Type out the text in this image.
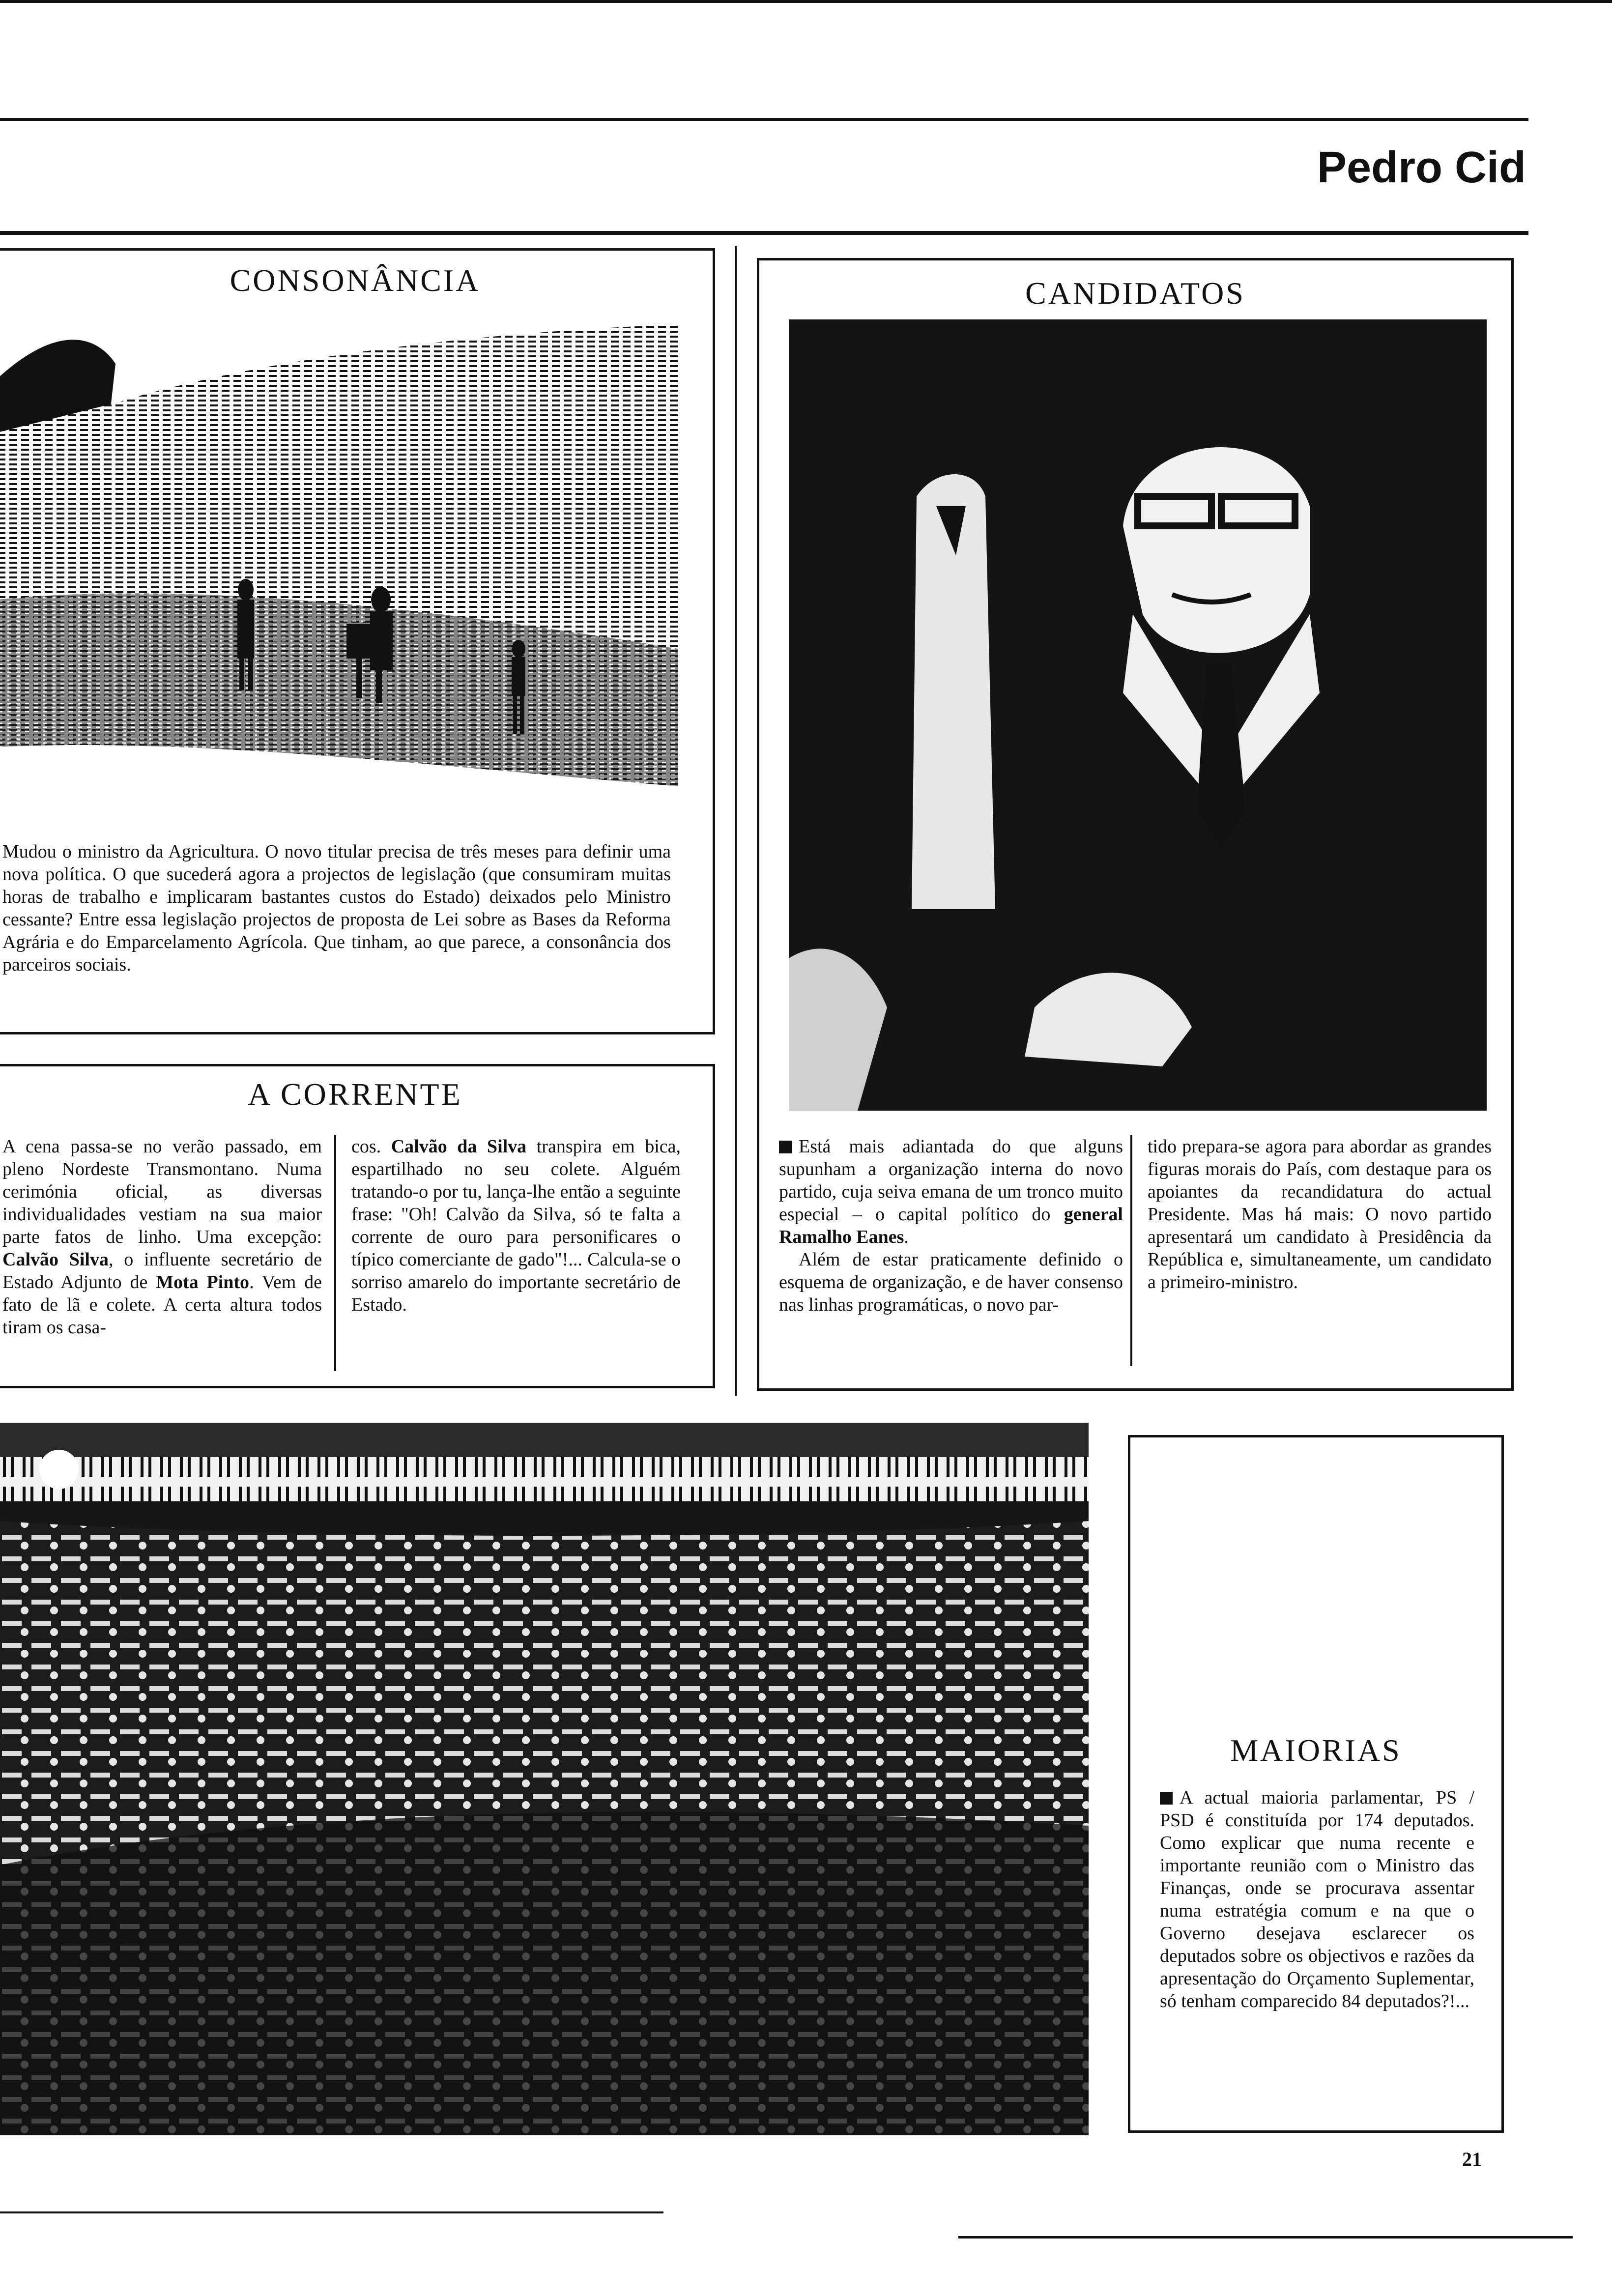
Pedro Cid
CONSONÂNCIA
Mudou o ministro da Agricultura. O novo titular precisa de três meses para definir uma nova política. O que sucederá agora a projectos de legislação (que consumiram muitas horas de trabalho e implicaram bastantes custos do Estado) deixados pelo Ministro cessante? Entre essa legislação projectos de proposta de Lei sobre as Bases da Reforma Agrária e do Emparcelamento Agrícola. Que tinham, ao que parece, a consonância dos parceiros sociais.
A CORRENTE
A cena passa-se no verão passado, em pleno Nordeste Transmontano. Numa cerimónia oficial, as diversas individualidades vestiam na sua maior parte fatos de linho. Uma excepção: Calvão Silva, o influente secretário de Estado Adjunto de Mota Pinto. Vem de fato de lã e colete. A certa altura todos tiram os casa-
cos. Calvão da Silva transpira em bica, espartilhado no seu colete. Alguém tratando-o por tu, lança-lhe então a seguinte frase: "Oh! Calvão da Silva, só te falta a corrente de ouro para personificares o típico comerciante de gado"!... Calcula-se o sorriso amarelo do importante secretário de Estado.
CANDIDATOS
Está mais adiantada do que alguns supunham a organização interna do novo partido, cuja seiva emana de um tronco muito especial – o capital político do general Ramalho Eanes.
Além de estar praticamente definido o esquema de organização, e de haver consenso nas linhas programáticas, o novo par-
tido prepara-se agora para abordar as grandes figuras morais do País, com destaque para os apoiantes da recandidatura do actual Presidente. Mas há mais: O novo partido apresentará um candidato à Presidência da República e, simultaneamente, um candidato a primeiro-ministro.
MAIORIAS
A actual maioria parlamentar, PS / PSD é constituída por 174 deputados. Como explicar que numa recente e importante reunião com o Ministro das Finanças, onde se procurava assentar numa estratégia comum e na que o Governo desejava esclarecer os deputados sobre os objectivos e razões da apresentação do Orçamento Suplementar, só tenham comparecido 84 deputados?!...
21
